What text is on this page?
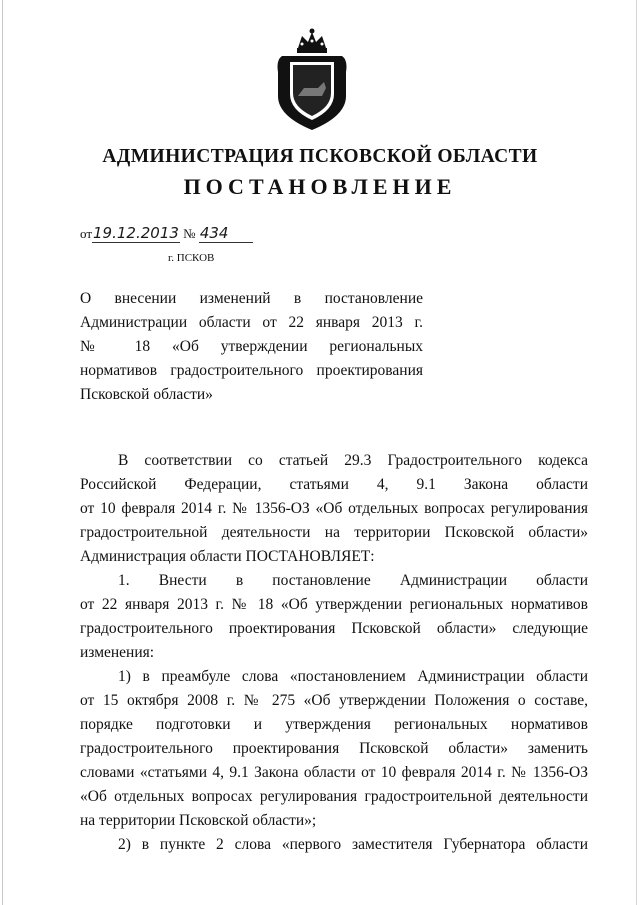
АДМИНИСТРАЦИЯ ПСКОВСКОЙ ОБЛАСТИ
ПОСТАНОВЛЕНИЕ
от19.12.2013 № 434
г. ПСКОВ
О внесении изменений в постановление
Администрации области от 22 января 2013 г.
№ 18 «Об утверждении региональных
нормативов градостроительного проектирования
Псковской области»
В соответствии со статьей 29.3 Градостроительного кодекса
Российской Федерации, статьями 4, 9.1 Закона области
от 10 февраля 2014 г. № 1356-ОЗ «Об отдельных вопросах регулирования
градостроительной деятельности на территории Псковской области»
Администрация области ПОСТАНОВЛЯЕТ:
1. Внести в постановление Администрации области
от 22 января 2013 г. № 18 «Об утверждении региональных нормативов
градостроительного проектирования Псковской области» следующие
изменения:
1) в преамбуле слова «постановлением Администрации области
от 15 октября 2008 г. № 275 «Об утверждении Положения о составе,
порядке подготовки и утверждения региональных нормативов
градостроительного проектирования Псковской области» заменить
словами «статьями 4, 9.1 Закона области от 10 февраля 2014 г. № 1356-ОЗ
«Об отдельных вопросах регулирования градостроительной деятельности
на территории Псковской области»;
2) в пункте 2 слова «первого заместителя Губернатора области
